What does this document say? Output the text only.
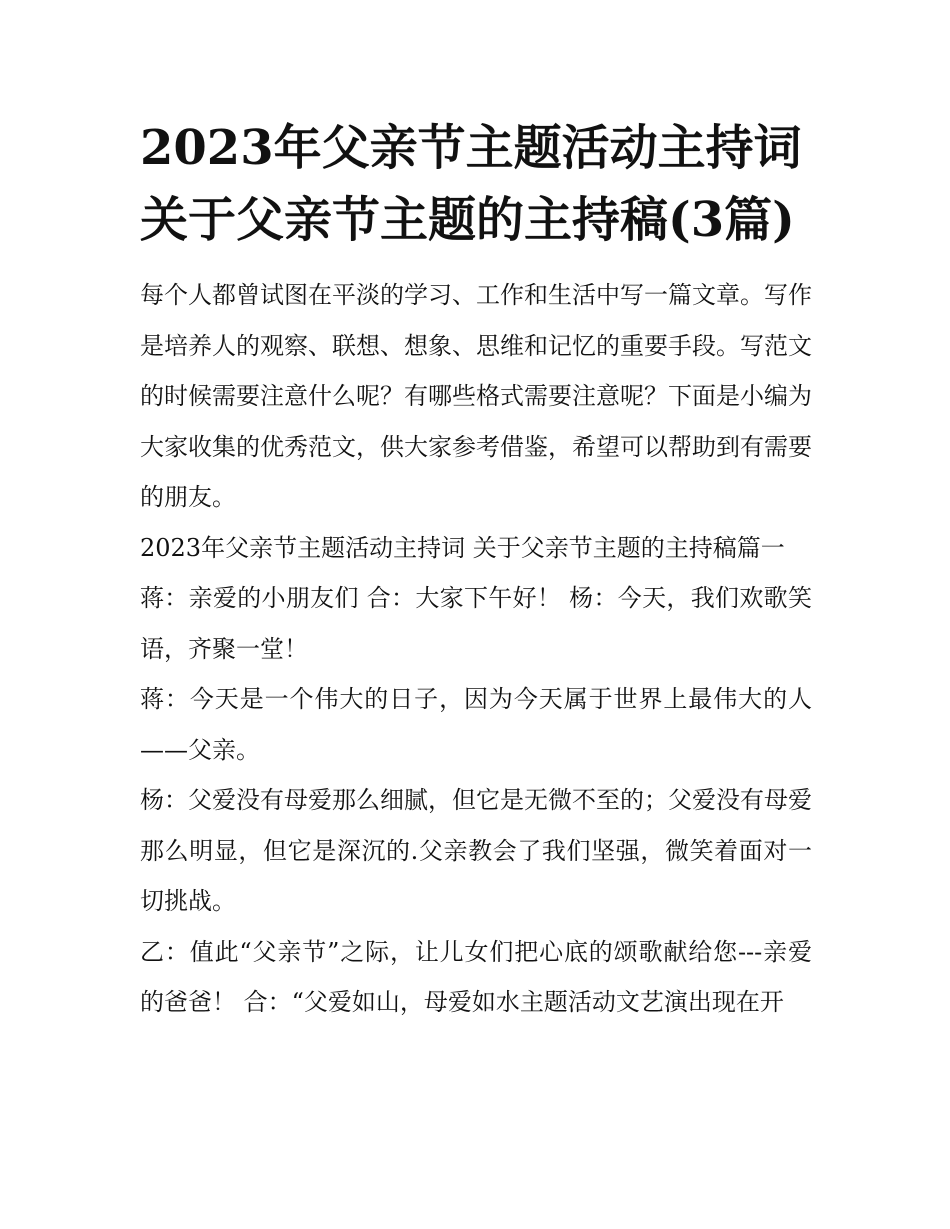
2023年父亲节主题活动主持词 关于父亲节主题的主持稿(3篇)

每个人都曾试图在平淡的学习、工作和生活中写一篇文章。写作是培养人的观察、联想、想象、思维和记忆的重要手段。写范文的时候需要注意什么呢？有哪些格式需要注意呢？下面是小编为大家收集的优秀范文，供大家参考借鉴，希望可以帮助到有需要的朋友。

2023年父亲节主题活动主持词 关于父亲节主题的主持稿篇一

蒋：亲爱的小朋友们 合：大家下午好！ 杨：今天，我们欢歌笑语，齐聚一堂！

蒋：今天是一个伟大的日子，因为今天属于世界上最伟大的人——父亲。

杨：父爱没有母爱那么细腻，但它是无微不至的；父爱没有母爱那么明显，但它是深沉的.父亲教会了我们坚强，微笑着面对一切挑战。

乙：值此“父亲节”之际，让儿女们把心底的颂歌献给您---亲爱的爸爸！ 合：“父爱如山，母爱如水主题活动文艺演出现在开
